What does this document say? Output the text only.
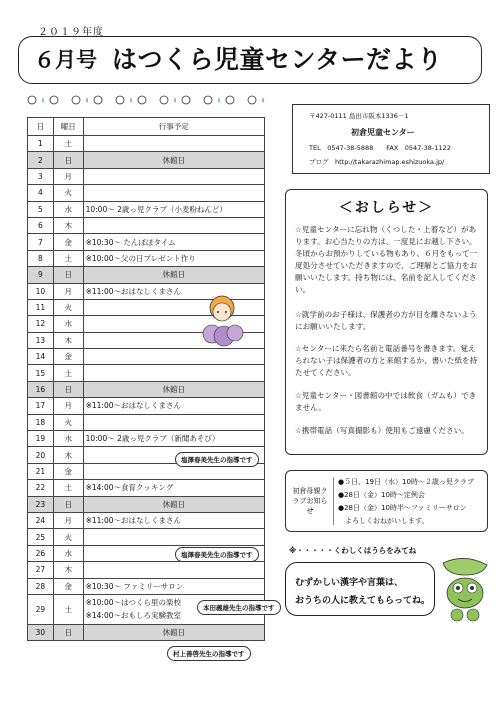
２０１９年度
６月号 はつくら児童センターだより
日	曜日	行事予定
1	土	
2	日	休館日
3	月	
4	火	
5	水	10:00～ 2歳っ児クラブ（小麦粉ねんど）
6	木	
7	金	※10:30～ たんぽぽタイム
8	土	※10:00～父の日プレゼント作り
9	日	休館日
10	月	※11:00～おはなしくまさん
11	火	
12	水	
13	木	
14	金	
15	土	
16	日	休館日
17	月	※11:00～おはなしくまさん
18	火	
19	水	10:00～ 2歳っ児クラブ（新聞あそび）
20	木	
21	金	
22	土	※14:00～食育クッキング
23	日	休館日
24	月	※11:00～おはなしくまさん
25	火	
26	水	
27	木	
28	金	※10:30～ ファミリーサロン
29	土	※10:00～はつくら里の楽校
※14:00～おもしろ実験教室

30	日	休館日
塩澤春美先生の指導です
塩澤春美先生の指導です
本田義雄先生の指導です
村上善啓先生の指導です
〒427-0111 島田市阪本1336－1
初倉児童センター
TEL　0547-38-5888　　FAX　0547-38-1122
ブログ　http://takarazhimap.eshizuoka.jp/
＜おしらせ＞
☆児童センターに忘れ物（くつした・上着など）があります。お心当たりの方は、一度見にお越し下さい。冬頃からお預かりしている物もあり、６月をもって一度処分させていただきますので、ご理解とご協力をお願いいたします。持ち物には、名前を記入してください。
☆就学前のお子様は、保護者の方が目を離さないようにお願いいたします。
☆センターに来たら名前と電話番号を書きます。覚えられない子は保護者の方と来館するか、書いた紙を持たせてください。
☆児童センター・図書館の中では飲食（ガムも）できません。
☆携帯電話（写真撮影も）使用もご遠慮ください。
初倉母親クラブお知らせ
●５日、19日（水）10時～２歳っ児クラブ
●28日（金）10時～定例会
●28日（金）10時半～ファミリーサロン
　よろしくおねがいします。
※・・・・・くわしくはうらをみてね
むずかしい漢字や言葉は、
おうちの人に教えてもらってね。
